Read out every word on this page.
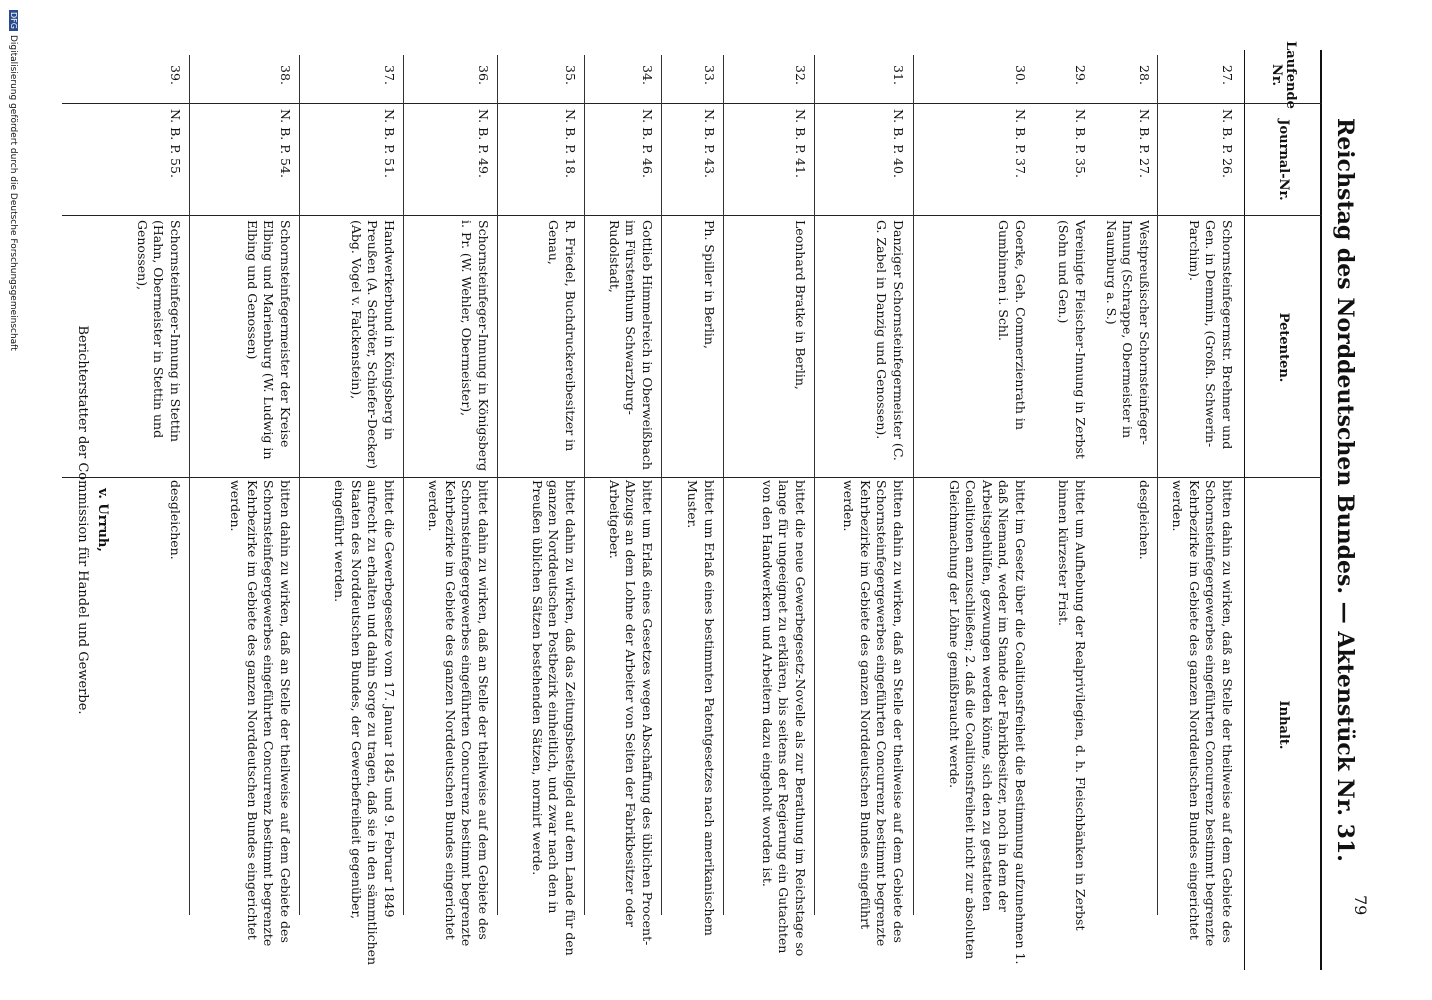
Reichstag des Norddeutschen Bundes. — Aktenstück Nr. 31.
79
Laufende Nr.
Journal-Nr.
Petenten.
Inhalt.
27.
N. B. P. 26.
Schornsteinfegermstr. Brehmer und Gen. in Demmin, (Großh. Schwerin-Parchim).
bitten dahin zu wirken, daß an Stelle der theilweise auf dem Gebiete des Schornsteinfegergewerbes eingeführten Concurrenz bestimmt begrenzte Kehrbezirke im Gebiete des ganzen Norddeutschen Bundes eingerichtet werden.
28.
N. B. P. 27.
Westpreußischer Schornsteinfeger-Innung (Schrappe, Obermeister in Naumburg a. S.)
desgleichen.
29.
N. B. P. 35.
Vereinigte Fleischer-Innung in Zerbst (Sohn und Gen.)
bittet um Aufhebung der Realprivilegien, d. h. Fleischbänken in Zerbst binnen kürzester Frist.
30.
N. B. P. 37.
Goerke, Geh. Commerzienrath in Gumbinnen i. Schl.
bittet im Gesetz über die Coalitionsfreiheit die Bestimmung aufzunehmen 1. daß Niemand, weder im Stande der Fabrikbesitzer, noch in dem der Arbeitsgehülfen, gezwungen werden könne, sich den zu gestatteten Coalitionen anzuschließen; 2. daß die Coalitionsfreiheit nicht zur absoluten Gleichmachung der Löhne gemißbraucht werde.
31.
N. B. P. 40.
Danziger Schornsteinfegermeister (C. G. Zabel in Danzig und Genossen).
bitten dahin zu wirken, daß an Stelle der theilweise auf dem Gebiete des Schornsteinfegergewerbes eingeführten Concurrenz bestimmt begrenzte Kehrbezirke im Gebiete des ganzen Norddeutschen Bundes eingeführt werden.
32.
N. B. P. 41.
Leonhard Bratke in Berlin,
bittet die neue Gewerbegesetz-Novelle als zur Berathung im Reichstage so lange für ungeeignet zu erklären, bis seitens der Regierung ein Gutachten von den Handwerkern und Arbeitern dazu eingeholt worden ist.
33.
N. B. P. 43.
Ph. Spiller in Berlin,
bittet um Erlaß eines bestimmten Patentgesetzes nach amerikanischem Muster.
34.
N. B. P. 46.
Gottlieb Himmelreich in Oberweißbach im Fürstenthum Schwarzburg-Rudolstadt,
bittet um Erlaß eines Gesetzes wegen Abschaffung des üblichen Procent-Abzugs an dem Lohne der Arbeiter von Seiten der Fabrikbesitzer oder Arbeitgeber.
35.
N. B. P. 18.
R. Friedel, Buchdruckereibesitzer in Genau,
bittet dahin zu wirken, daß das Zeitungsbestellgeld auf dem Lande für den ganzen Norddeutschen Postbezirk einheitlich, und zwar nach den in Preußen üblichen Sätzen bestehenden Sätzen, normirt werde.
36.
N. B. P. 49.
Schornsteinfeger-Innung in Königsberg i. Pr. (W. Wehler, Obermeister),
bittet dahin zu wirken, daß an Stelle der theilweise auf dem Gebiete des Schornsteinfegergewerbes eingeführten Concurrenz bestimmt begrenzte Kehrbezirke im Gebiete des ganzen Norddeutschen Bundes eingerichtet werden.
37.
N. B. P. 51.
Handwerkerbund in Königsberg in Preußen (A. Schröter, Schiefer-Decker) (Abg. Vogel v. Falckenstein),
bittet die Gewerbegesetze vom 17. Januar 1845 und 9. Februar 1849 aufrecht zu erhalten und dahin Sorge zu tragen, daß sie in den sämmtlichen Staaten des Norddeutschen Bundes, der Gewerbefreiheit gegenüber, eingeführt werden.
38.
N. B. P. 54.
Schornsteinfegermeister der Kreise Elbing und Marienburg (W. Ludwig in Elbing und Genossen)
bitten dahin zu wirken, daß an Stelle der theilweise auf dem Gebiete des Schornsteinfegergewerbes eingeführten Concurrenz bestimmt begrenzte Kehrbezirke im Gebiete des ganzen Norddeutschen Bundes eingerichtet werden.
39.
N. B. P. 55.
Schornsteinfeger-Innung in Stettin (Hahn, Obermeister in Stettin und Genossen),
desgleichen.
v. Urruh,
Berichterstatter der Commission für Handel und Gewerbe.
DFGDigitalisierung gefördert durch die Deutsche Forschungsgemeinschaft
